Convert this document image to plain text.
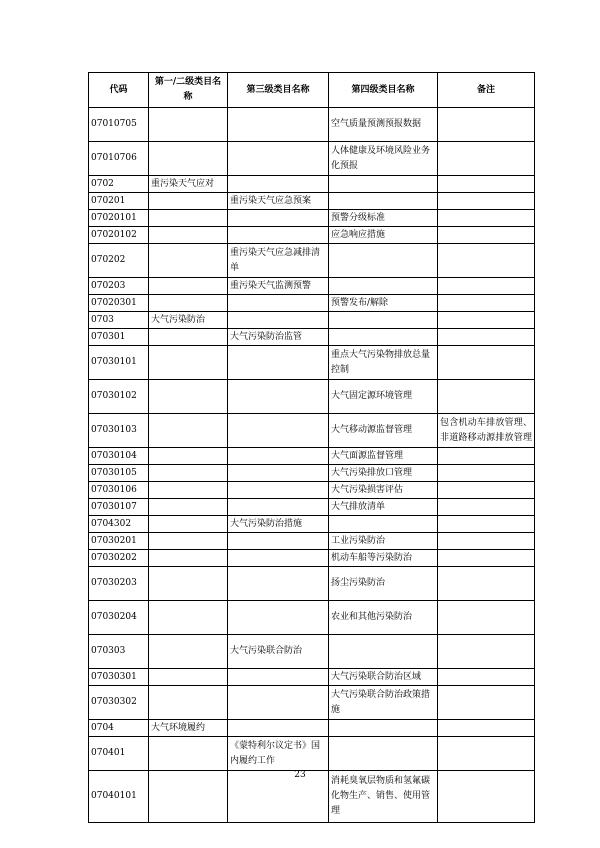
代码	第一/二级类目名称	第三级类目名称	第四级类目名称	备注
07010705			空气质量预测预报数据	
07010706			人体健康及环境风险业务化预报	
0702	重污染天气应对			
070201		重污染天气应急预案		
07020101			预警分级标准	
07020102			应急响应措施	
070202		重污染天气应急减排清单		
070203		重污染天气监测预警		
07020301			预警发布/解除	
0703	大气污染防治			
070301		大气污染防治监管		
07030101			重点大气污染物排放总量控制	
07030102			大气固定源环境管理	
07030103			大气移动源监督管理	包含机动车排放管理、非道路移动源排放管理
07030104			大气面源监督管理	
07030105			大气污染排放口管理	
07030106			大气污染损害评估	
07030107			大气排放清单	
0704302		大气污染防治措施		
07030201			工业污染防治	
07030202			机动车船等污染防治	
07030203			扬尘污染防治	
07030204			农业和其他污染防治	
070303		大气污染联合防治		
07030301			大气污染联合防治区域	
07030302			大气污染联合防治政策措施	
0704	大气环境履约			
070401		《蒙特利尔议定书》国内履约工作		
07040101			消耗臭氧层物质和氢氟碳化物生产、销售、使用管理	
23
